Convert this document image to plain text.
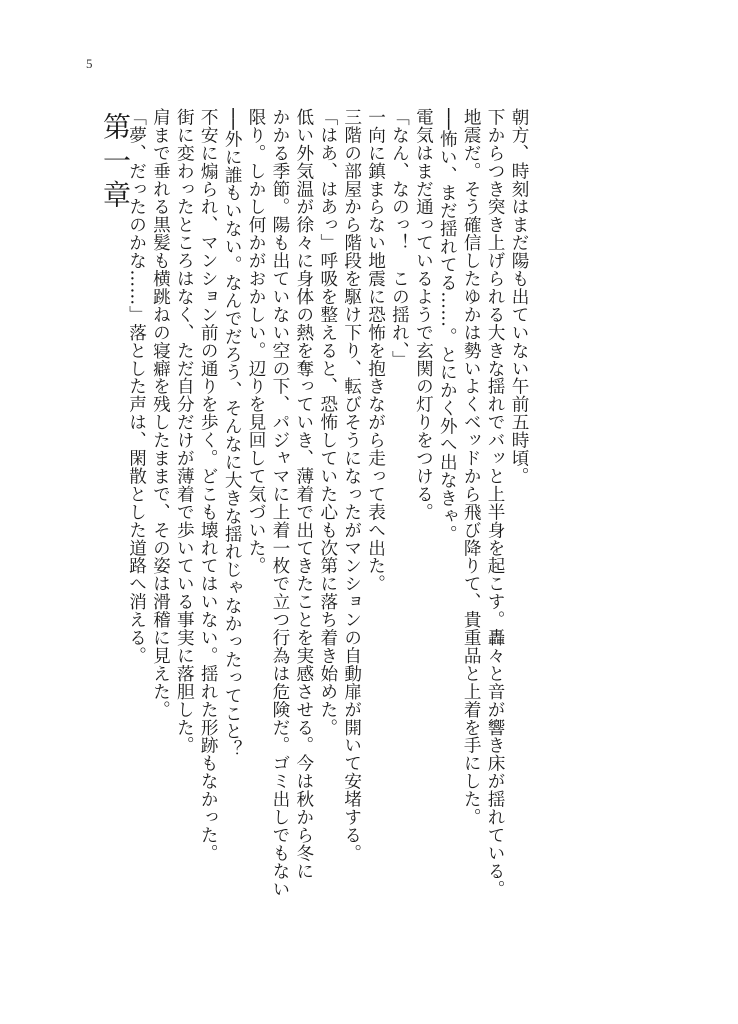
5
第一章	朝方、時刻はまだ陽も出ていない午前五時頃。

下からつき突き上げられる大きな揺れでバッと上半身を起こす。轟々と音が響き床が揺れている。

地震だ。そう確信したゆかは勢いよくベッドから飛び降りて、貴重品と上着を手にした。

──怖い、まだ揺れてる……。とにかく外へ出なきゃ。

電気はまだ通っているようで玄関の灯りをつける。

「なん、なのっ！　この揺れ、」

一向に鎮まらない地震に恐怖を抱きながら走って表へ出た。

三階の部屋から階段を駆け下り、転びそうになったがマンションの自動扉が開いて安堵する。

「はあ、はあっ」呼吸を整えると、恐怖していた心も次第に落ち着き始めた。

低い外気温が徐々に身体の熱を奪っていき、薄着で出てきたことを実感させる。今は秋から冬に

かかる季節。陽も出ていない空の下、パジャマに上着一枚で立つ行為は危険だ。ゴミ出しでもない

限り。しかし何かがおかしい。辺りを見回して気づいた。

──外に誰もいない。なんでだろう、そんなに大きな揺れじゃなかったってこと？

不安に煽られ、マンション前の通りを歩く。どこも壊れてはいない。揺れた形跡もなかった。

街に変わったところはなく、ただ自分だけが薄着で歩いている事実に落胆した。

肩まで垂れる黒髪も横跳ねの寝癖を残したままで、その姿は滑稽に見えた。

「夢、だったのかな……」落とした声は、閑散とした道路へ消える。
